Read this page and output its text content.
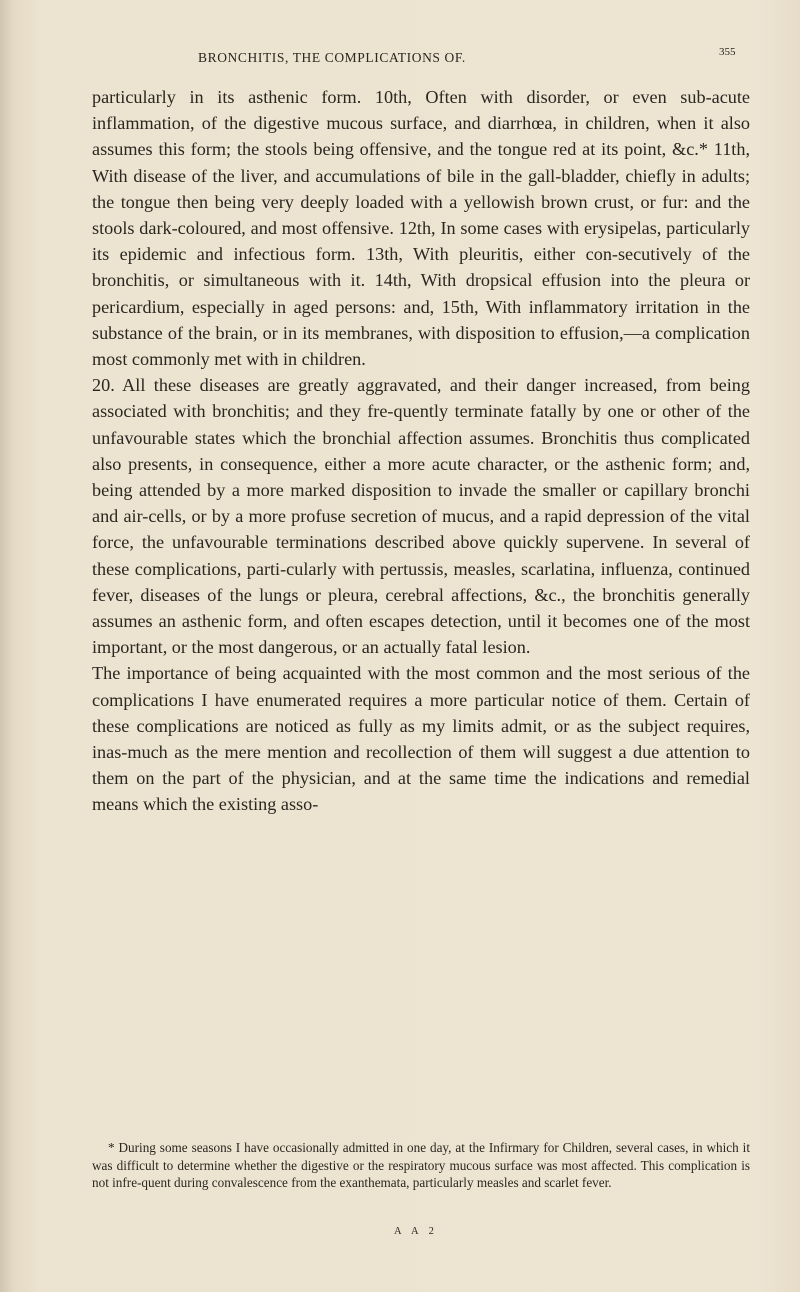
BRONCHITIS, THE COMPLICATIONS OF.	355

particularly in its asthenic form. 10th, Often with disorder, or even sub-acute inflammation, of the digestive mucous surface, and diarrhœa, in children, when it also assumes this form; the stools being offensive, and the tongue red at its point, &c.* 11th, With disease of the liver, and accumulations of bile in the gall-bladder, chiefly in adults; the tongue then being very deeply loaded with a yellowish brown crust, or fur: and the stools dark-coloured, and most offensive. 12th, In some cases with erysipelas, particularly its epidemic and infectious form. 13th, With pleuritis, either con-secutively of the bronchitis, or simultaneous with it. 14th, With dropsical effusion into the pleura or pericardium, especially in aged persons: and, 15th, With inflammatory irritation in the substance of the brain, or in its membranes, with disposition to effusion,—a complication most commonly met with in children.

20. All these diseases are greatly aggravated, and their danger increased, from being associated with bronchitis; and they fre-quently terminate fatally by one or other of the unfavourable states which the bronchial affection assumes. Bronchitis thus complicated also presents, in consequence, either a more acute character, or the asthenic form; and, being attended by a more marked disposition to invade the smaller or capillary bronchi and air-cells, or by a more profuse secretion of mucus, and a rapid depression of the vital force, the unfavourable terminations described above quickly supervene. In several of these complications, parti-cularly with pertussis, measles, scarlatina, influenza, continued fever, diseases of the lungs or pleura, cerebral affections, &c., the bronchitis generally assumes an asthenic form, and often escapes detection, until it becomes one of the most important, or the most dangerous, or an actually fatal lesion.

The importance of being acquainted with the most common and the most serious of the complications I have enumerated requires a more particular notice of them. Certain of these complications are noticed as fully as my limits admit, or as the subject requires, inas-much as the mere mention and recollection of them will suggest a due attention to them on the part of the physician, and at the same time the indications and remedial means which the existing asso-

* During some seasons I have occasionally admitted in one day, at the Infirmary for Children, several cases, in which it was difficult to determine whether the digestive or the respiratory mucous surface was most affected. This complication is not infre-quent during convalescence from the exanthemata, particularly measles and scarlet fever.
A A 2
